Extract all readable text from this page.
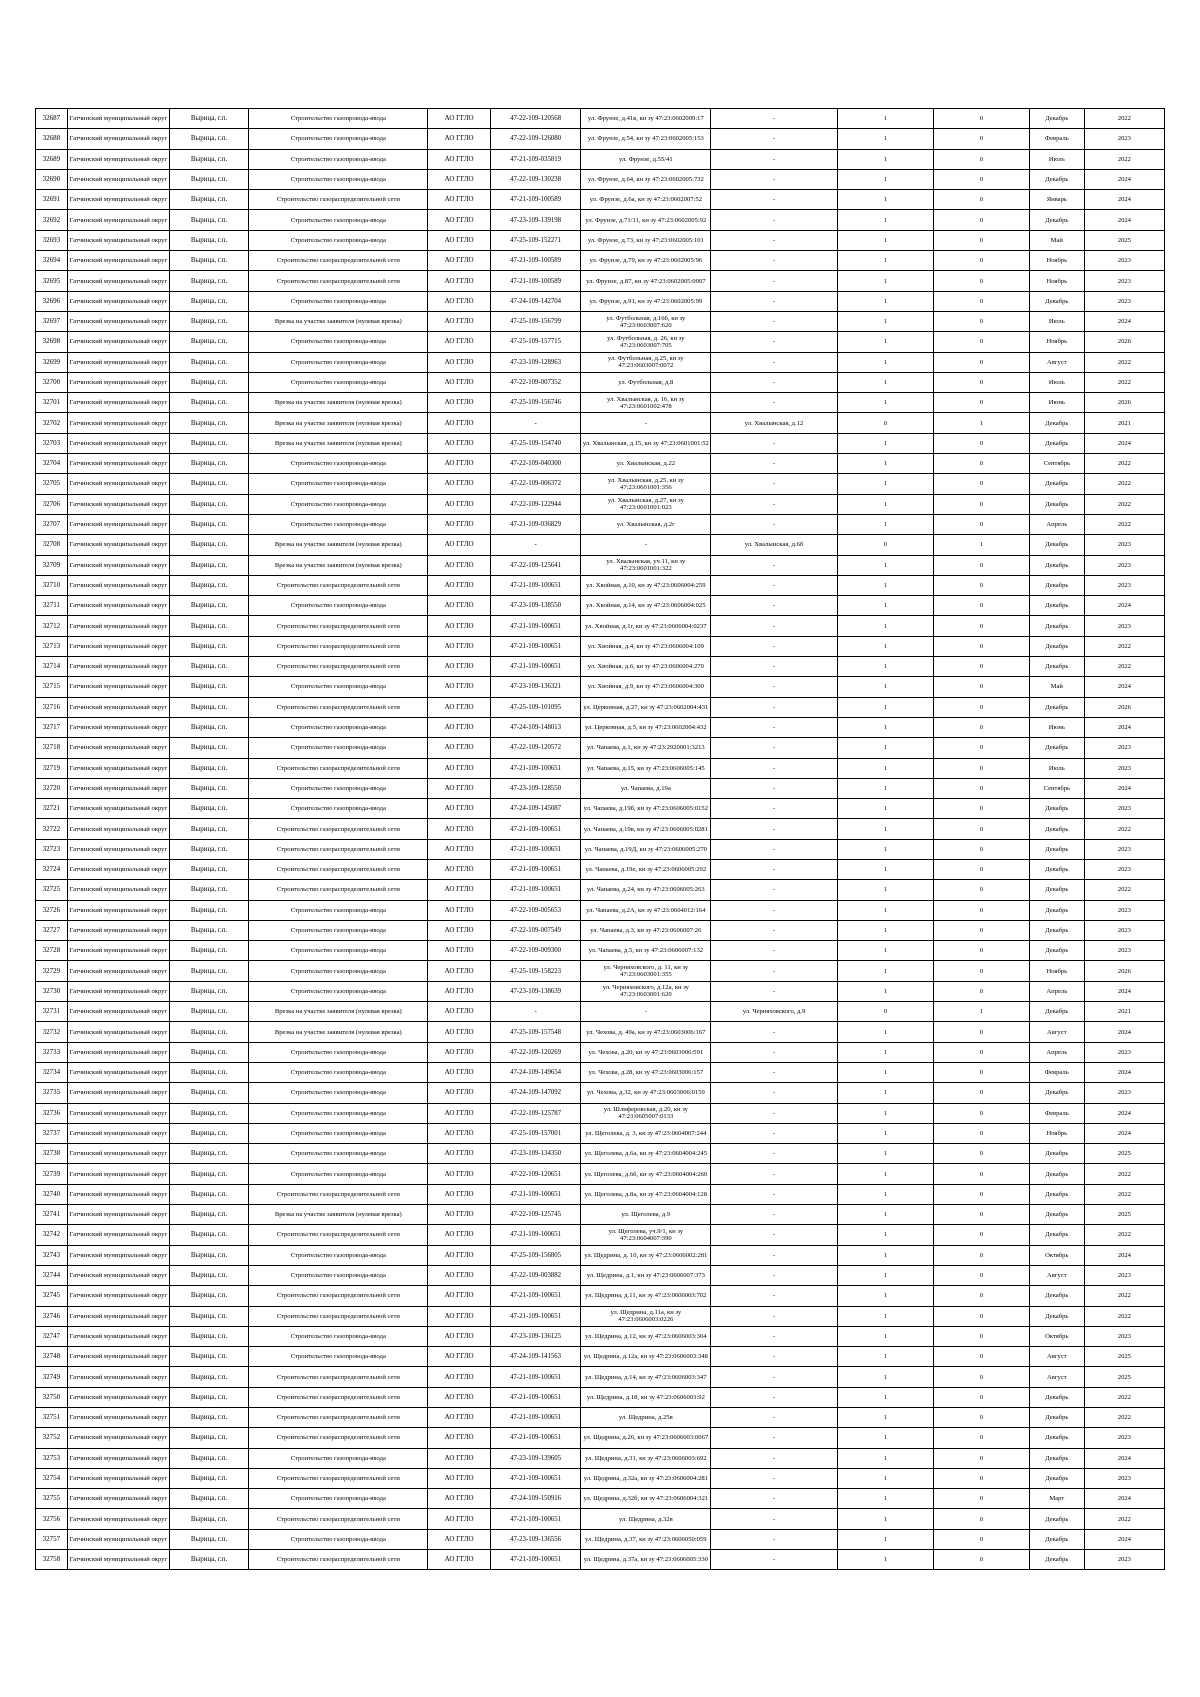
32687	Гатчинский муниципальный округ	Вырица, г.п.	Строительство газопровода-ввода	АО ГГЛО	47-22-109-120568	ул. Фрунзе, д.41в, кн зу 47:23:0602009:17	-	1	0	Декабрь	2022
32688	Гатчинский муниципальный округ	Вырица, г.п.	Строительство газопровода-ввода	АО ГГЛО	47-22-109-126080	ул. Фрунзе, д.54, кн зу 47:23:0602005:153	-	1	0	Февраль	2023
32689	Гатчинский муниципальный округ	Вырица, г.п.	Строительство газопровода-ввода	АО ГГЛО	47-21-109-035819	ул. Фрунзе, д.55/41	-	1	0	Июль	2022
32690	Гатчинский муниципальный округ	Вырица, г.п.	Строительство газопровода-ввода	АО ГГЛО	47-22-109-130238	ул. Фрунзе, д.64, кн зу 47:23:0602005:732	-	1	0	Декабрь	2024
32691	Гатчинский муниципальный округ	Вырица, г.п.	Строительство газораспределительной сети	АО ГГЛО	47-21-109-100589	ул. Фрунзе, д.6а, кн зу 47:23:0602007:52	-	1	0	Январь	2024
32692	Гатчинский муниципальный округ	Вырица, г.п.	Строительство газопровода-ввода	АО ГГЛО	47-23-109-139198	ул. Фрунзе, д.71/11, кн зу 47:23:0602005:92	-	1	0	Декабрь	2024
32693	Гатчинский муниципальный округ	Вырица, г.п.	Строительство газопровода-ввода	АО ГГЛО	47-25-109-152271	ул. Фрунзе, д.73, кн зу 47:23:0602005:101	-	1	0	Май	2025
32694	Гатчинский муниципальный округ	Вырица, г.п.	Строительство газораспределительной сети	АО ГГЛО	47-21-109-100589	ул. Фрунзе, д.79, кн зу 47:23:0602005:96	-	1	0	Ноябрь	2023
32695	Гатчинский муниципальный округ	Вырица, г.п.	Строительство газораспределительной сети	АО ГГЛО	47-21-109-100589	ул. Фрунзе, д.87, кн зу 47:23:0602005:0097	-	1	0	Ноябрь	2023
32696	Гатчинский муниципальный округ	Вырица, г.п.	Строительство газопровода-ввода	АО ГГЛО	47-24-109-142704	ул. Фрунзе, д.91, кн зу 47:23:0602005:99	-	1	0	Декабрь	2023
32697	Гатчинский муниципальный округ	Вырица, г.п.	Врезка на участке заявителя (нулевая врезка)	АО ГГЛО	47-25-109-156799	ул. Футбольная, д.16б, кн зу 47:23:0603007:620	-	1	0	Июль	2024
32698	Гатчинский муниципальный округ	Вырица, г.п.	Строительство газопровода-ввода	АО ГГЛО	47-25-109-157715	ул. Футбольная, д. 26, кн зу 47:23:0603007:705	-	1	0	Ноябрь	2026
32699	Гатчинский муниципальный округ	Вырица, г.п.	Строительство газопровода-ввода	АО ГГЛО	47-23-109-128963	ул. Футбольная, д.25, кн зу 47:23:0603007:0072	-	1	0	Август	2022
32700	Гатчинский муниципальный округ	Вырица, г.п.	Строительство газопровода-ввода	АО ГГЛО	47-22-109-007352	ул. Футбольная, д.8	-	1	0	Июль	2022
32701	Гатчинский муниципальный округ	Вырица, г.п.	Врезка на участке заявителя (нулевая врезка)	АО ГГЛО	47-25-109-156746	ул. Хвалынская, д. 16, кн зу 47:23:0601002:478	-	1	0	Июнь	2026
32702	Гатчинский муниципальный округ	Вырица, г.п.	Врезка на участке заявителя (нулевая врезка)	АО ГГЛО	-	-	ул. Хвалынская, д.12	0	1	Декабрь	2021
32703	Гатчинский муниципальный округ	Вырица, г.п.	Врезка на участке заявителя (нулевая врезка)	АО ГГЛО	47-25-109-154740	ул. Хвалынская, д.15, кн зу 47:23:0601001:52	-	1	0	Декабрь	2024
32704	Гатчинский муниципальный округ	Вырица, г.п.	Строительство газопровода-ввода	АО ГГЛО	47-22-109-040300	ул. Хвалынская, д.22	-	1	0	Сентябрь	2022
32705	Гатчинский муниципальный округ	Вырица, г.п.	Строительство газопровода-ввода	АО ГГЛО	47-22-109-006372	ул. Хвалынская, д.25, кн зу 47:23:0601001:356	-	1	0	Декабрь	2022
32706	Гатчинский муниципальный округ	Вырица, г.п.	Строительство газопровода-ввода	АО ГГЛО	47-22-109-122944	ул. Хвалынская, д.27, кн зу 47:23:0601001:023	-	1	0	Декабрь	2022
32707	Гатчинский муниципальный округ	Вырица, г.п.	Строительство газопровода-ввода	АО ГГЛО	47-21-109-036829	ул. Хвалынская, д.2г	-	1	0	Апрель	2022
32708	Гатчинский муниципальный округ	Вырица, г.п.	Врезка на участке заявителя (нулевая врезка)	АО ГГЛО	-	-	ул. Хвалынская, д.6б	0	1	Декабрь	2023
32709	Гатчинский муниципальный округ	Вырица, г.п.	Врезка на участке заявителя (нулевая врезка)	АО ГГЛО	47-22-109-125641	ул. Хвалынская, уч.11, кн зу 47:23:0601001:322	-	1	0	Декабрь	2023
32710	Гатчинский муниципальный округ	Вырица, г.п.	Строительство газораспределительной сети	АО ГГЛО	47-21-109-100651	ул. Хвойная, д.10, кн зу 47:23:0606004:259	-	1	0	Декабрь	2023
32711	Гатчинский муниципальный округ	Вырица, г.п.	Строительство газопровода-ввода	АО ГГЛО	47-23-109-138550	ул. Хвойная, д.14, кн зу 47:23:0606004:025	-	1	0	Декабрь	2024
32712	Гатчинский муниципальный округ	Вырица, г.п.	Строительство газораспределительной сети	АО ГГЛО	47-21-109-100651	ул. Хвойная, д.1г, кн зу 47:23:0606004:0237	-	1	0	Декабрь	2023
32713	Гатчинский муниципальный округ	Вырица, г.п.	Строительство газораспределительной сети	АО ГГЛО	47-21-109-100651	ул. Хвойная, д.4, кн зу 47:23:0606004:109	-	1	0	Декабрь	2022
32714	Гатчинский муниципальный округ	Вырица, г.п.	Строительство газораспределительной сети	АО ГГЛО	47-21-109-100651	ул. Хвойная, д.6, кн зу 47:23:0606004:270	-	1	0	Декабрь	2022
32715	Гатчинский муниципальный округ	Вырица, г.п.	Строительство газопровода-ввода	АО ГГЛО	47-23-109-136321	ул. Хвойная, д.9, кн зу 47:23:0606004:300	-	1	0	Май	2024
32716	Гатчинский муниципальный округ	Вырица, г.п.	Строительство газораспределительной сети	АО ГГЛО	47-25-109-101095	ул. Церковная, д.27, кн зу 47:23:0602004:431	-	1	0	Декабрь	2026
32717	Гатчинский муниципальный округ	Вырица, г.п.	Строительство газопровода-ввода	АО ГГЛО	47-24-109-148013	ул. Церковная, д.5, кн зу 47:23:0602004:432	-	1	0	Июнь	2024
32718	Гатчинский муниципальный округ	Вырица, г.п.	Строительство газопровода-ввода	АО ГГЛО	47-22-109-120572	ул. Чапаева, д.1, кн зу 47:23:2920001:3213	-	1	0	Декабрь	2023
32719	Гатчинский муниципальный округ	Вырица, г.п.	Строительство газораспределительной сети	АО ГГЛО	47-21-109-100651	ул. Чапаева, д.15, кн зу 47:23:0606005:145	-	1	0	Июль	2023
32720	Гатчинский муниципальный округ	Вырица, г.п.	Строительство газопровода-ввода	АО ГГЛО	47-23-109-128550	ул. Чапаева, д.19а	-	1	0	Сентябрь	2024
32721	Гатчинский муниципальный округ	Вырица, г.п.	Строительство газопровода-ввода	АО ГГЛО	47-24-109-145087	ул. Чапаева, д.19б, кн зу 47:23:0606005:0152	-	1	0	Декабрь	2023
32722	Гатчинский муниципальный округ	Вырица, г.п.	Строительство газораспределительной сети	АО ГГЛО	47-21-109-100651	ул. Чапаева, д.19в, кн зу 47:23:0606005:0281	-	1	0	Декабрь	2022
32723	Гатчинский муниципальный округ	Вырица, г.п.	Строительство газораспределительной сети	АО ГГЛО	47-21-109-100651	ул. Чапаева, д.19Д, кн зу 47:23:0606005:270	-	1	0	Декабрь	2023
32724	Гатчинский муниципальный округ	Вырица, г.п.	Строительство газораспределительной сети	АО ГГЛО	47-21-109-100651	ул. Чапаева, д.19е, кн зу 47:23:0606005:292	-	1	0	Декабрь	2023
32725	Гатчинский муниципальный округ	Вырица, г.п.	Строительство газораспределительной сети	АО ГГЛО	47-21-109-100651	ул. Чапаева, д.24, кн зу 47:23:0606005:263	-	1	0	Декабрь	2022
32726	Гатчинский муниципальный округ	Вырица, г.п.	Строительство газопровода-ввода	АО ГГЛО	47-22-109-005653	ул. Чапаева, д.2А, кн зу 47:23:0604012:164	-	1	0	Декабрь	2023
32727	Гатчинский муниципальный округ	Вырица, г.п.	Строительство газопровода-ввода	АО ГГЛО	47-22-109-007549	ул. Чапаева, д.3, кн зу 47:23:0606007:26	-	1	0	Декабрь	2023
32728	Гатчинский муниципальный округ	Вырица, г.п.	Строительство газопровода-ввода	АО ГГЛО	47-22-109-009300	ул. Чапаева, д.5, кн зу 47:23:0606007:132	-	1	0	Декабрь	2023
32729	Гатчинский муниципальный округ	Вырица, г.п.	Строительство газопровода-ввода	АО ГГЛО	47-25-109-158223	ул. Черняховского, д. 11, кн зу 47:23:0603001:355	-	1	0	Ноябрь	2026
32730	Гатчинский муниципальный округ	Вырица, г.п.	Строительство газопровода-ввода	АО ГГЛО	47-23-109-138639	ул. Черняховского, д.12а, кн зу 47:23:0603001:620	-	1	0	Апрель	2024
32731	Гатчинский муниципальный округ	Вырица, г.п.	Врезка на участке заявителя (нулевая врезка)	АО ГГЛО	-	-	ул. Черняховского, д.9	0	1	Декабрь	2021
32732	Гатчинский муниципальный округ	Вырица, г.п.	Врезка на участке заявителя (нулевая врезка)	АО ГГЛО	47-25-109-157548	ул. Чехова, д. 49а, кн зу 47:23:0603006:167	-	1	0	Август	2024
32733	Гатчинский муниципальный округ	Вырица, г.п.	Строительство газопровода-ввода	АО ГГЛО	47-22-109-120269	ул. Чехова, д.20, кн зу 47:23:0603006:591	-	1	0	Апрель	2023
32734	Гатчинский муниципальный округ	Вырица, г.п.	Строительство газопровода-ввода	АО ГГЛО	47-24-109-149654	ул. Чехова, д.28, кн зу 47:23:0603006:157	-	1	0	Февраль	2024
32735	Гатчинский муниципальный округ	Вырица, г.п.	Строительство газопровода-ввода	АО ГГЛО	47-24-109-147092	ул. Чехова, д.32, кн зу 47:23:0603006:0159	-	1	0	Декабрь	2023
32736	Гатчинский муниципальный округ	Вырица, г.п.	Строительство газопровода-ввода	АО ГГЛО	47-22-109-125787	ул. Шлиферовская, д.20, кн зу 47:23:0605007:0133	-	1	0	Февраль	2024
32737	Гатчинский муниципальный округ	Вырица, г.п.	Строительство газопровода-ввода	АО ГГЛО	47-25-109-157001	ул. Щеголева, д. 3, кн зу 47:23:0604007:244	-	1	0	Ноябрь	2024
32738	Гатчинский муниципальный округ	Вырица, г.п.	Строительство газопровода-ввода	АО ГГЛО	47-23-109-134350	ул. Щеголева, д.6а, кн зу 47:23:0604004:245	-	1	0	Декабрь	2025
32739	Гатчинский муниципальный округ	Вырица, г.п.	Строительство газопровода-ввода	АО ГГЛО	47-22-109-120651	ул. Щеголева, д.6б, кн зу 47:23:0604004:260	-	1	0	Декабрь	2022
32740	Гатчинский муниципальный округ	Вырица, г.п.	Строительство газораспределительной сети	АО ГГЛО	47-21-109-100651	ул. Щеголева, д.8а, кн зу 47:23:0604004:128	-	1	0	Декабрь	2022
32741	Гатчинский муниципальный округ	Вырица, г.п.	Врезка на участке заявителя (нулевая врезка)	АО ГГЛО	47-22-109-125745	ул. Щеголева, д.9	-	1	0	Декабрь	2025
32742	Гатчинский муниципальный округ	Вырица, г.п.	Строительство газораспределительной сети	АО ГГЛО	47-21-109-100651	ул. Щеголева, уч.9/1, кн зу 47:23:0604007:390	-	1	0	Декабрь	2022
32743	Гатчинский муниципальный округ	Вырица, г.п.	Строительство газопровода-ввода	АО ГГЛО	47-25-109-156805	ул. Щедрина, д. 10, кн зу 47:23:0606002:281	-	1	0	Октябрь	2024
32744	Гатчинский муниципальный округ	Вырица, г.п.	Строительство газопровода-ввода	АО ГГЛО	47-22-109-003882	ул. Щедрина, д.1, кн зу 47:23:0606007:373	-	1	0	Август	2023
32745	Гатчинский муниципальный округ	Вырица, г.п.	Строительство газораспределительной сети	АО ГГЛО	47-21-109-100651	ул. Щедрина, д.11, кн зу 47:23:0606003:702	-	1	0	Декабрь	2022
32746	Гатчинский муниципальный округ	Вырица, г.п.	Строительство газораспределительной сети	АО ГГЛО	47-21-109-100651	ул. Щедрина, д.11а, кн зу 47:23:0606003:0226	-	1	0	Декабрь	2022
32747	Гатчинский муниципальный округ	Вырица, г.п.	Строительство газопровода-ввода	АО ГГЛО	47-23-109-136125	ул. Щедрина, д.12, кн зу 47:23:0606003:304	-	1	0	Октябрь	2023
32748	Гатчинский муниципальный округ	Вырица, г.п.	Строительство газопровода-ввода	АО ГГЛО	47-24-109-141563	ул. Щедрина, д.12а, кн зу 47:23:0606003:348	-	1	0	Август	2025
32749	Гатчинский муниципальный округ	Вырица, г.п.	Строительство газораспределительной сети	АО ГГЛО	47-21-109-100651	ул. Щедрина, д.14, кн зу 47:23:0606003:347	-	1	0	Август	2025
32750	Гатчинский муниципальный округ	Вырица, г.п.	Строительство газораспределительной сети	АО ГГЛО	47-21-109-100651	ул. Щедрина, д.18, кн зу 47:23:0606003:92	-	1	0	Декабрь	2022
32751	Гатчинский муниципальный округ	Вырица, г.п.	Строительство газораспределительной сети	АО ГГЛО	47-21-109-100651	ул. Щедрина, д.25в	-	1	0	Декабрь	2022
32752	Гатчинский муниципальный округ	Вырица, г.п.	Строительство газораспределительной сети	АО ГГЛО	47-21-109-100651	ул. Щедрина, д.26, кн зу 47:23:0606003:0067	-	1	0	Декабрь	2023
32753	Гатчинский муниципальный округ	Вырица, г.п.	Строительство газопровода-ввода	АО ГГЛО	47-23-109-139605	ул. Щедрина, д.31, кн зу 47:23:0606003:692	-	1	0	Декабрь	2024
32754	Гатчинский муниципальный округ	Вырица, г.п.	Строительство газораспределительной сети	АО ГГЛО	47-21-109-100651	ул. Щедрина, д.32а, кн зу 47:23:0606004:281	-	1	0	Декабрь	2023
32755	Гатчинский муниципальный округ	Вырица, г.п.	Строительство газопровода-ввода	АО ГГЛО	47-24-109-150916	ул. Щедрина, д.32б, кн зу 47:23:0606004:321	-	1	0	Март	2024
32756	Гатчинский муниципальный округ	Вырица, г.п.	Строительство газораспределительной сети	АО ГГЛО	47-21-109-100651	ул. Щедрина, д.32в	-	1	0	Декабрь	2022
32757	Гатчинский муниципальный округ	Вырица, г.п.	Строительство газопровода-ввода	АО ГГЛО	47-23-109-136556	ул. Щедрина, д.37, кн зу 47:23:0606050:059	-	1	0	Декабрь	2024
32758	Гатчинский муниципальный округ	Вырица, г.п.	Строительство газораспределительной сети	АО ГГЛО	47-21-109-100651	ул. Щедрина, д.37а, кн зу 47:23:0606005:330	-	1	0	Декабрь	2023
